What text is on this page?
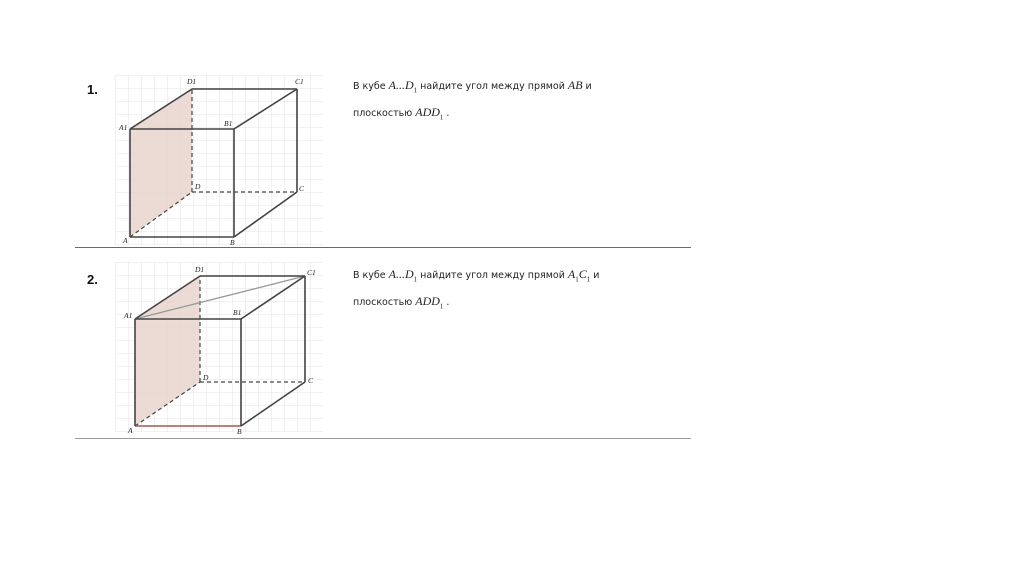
1.
D1	C1
A1	B1
D	C
A	B
В кубе $A...D_1$ найдите угол между прямой AB и
плоскостью $ADD_1$ .
2.
D1	C1
A1	B1
D	C
A	B
В кубе $A...D_1$ найдите угол между прямой $A_1C_1$ и
плоскостью $ADD_1$ .
